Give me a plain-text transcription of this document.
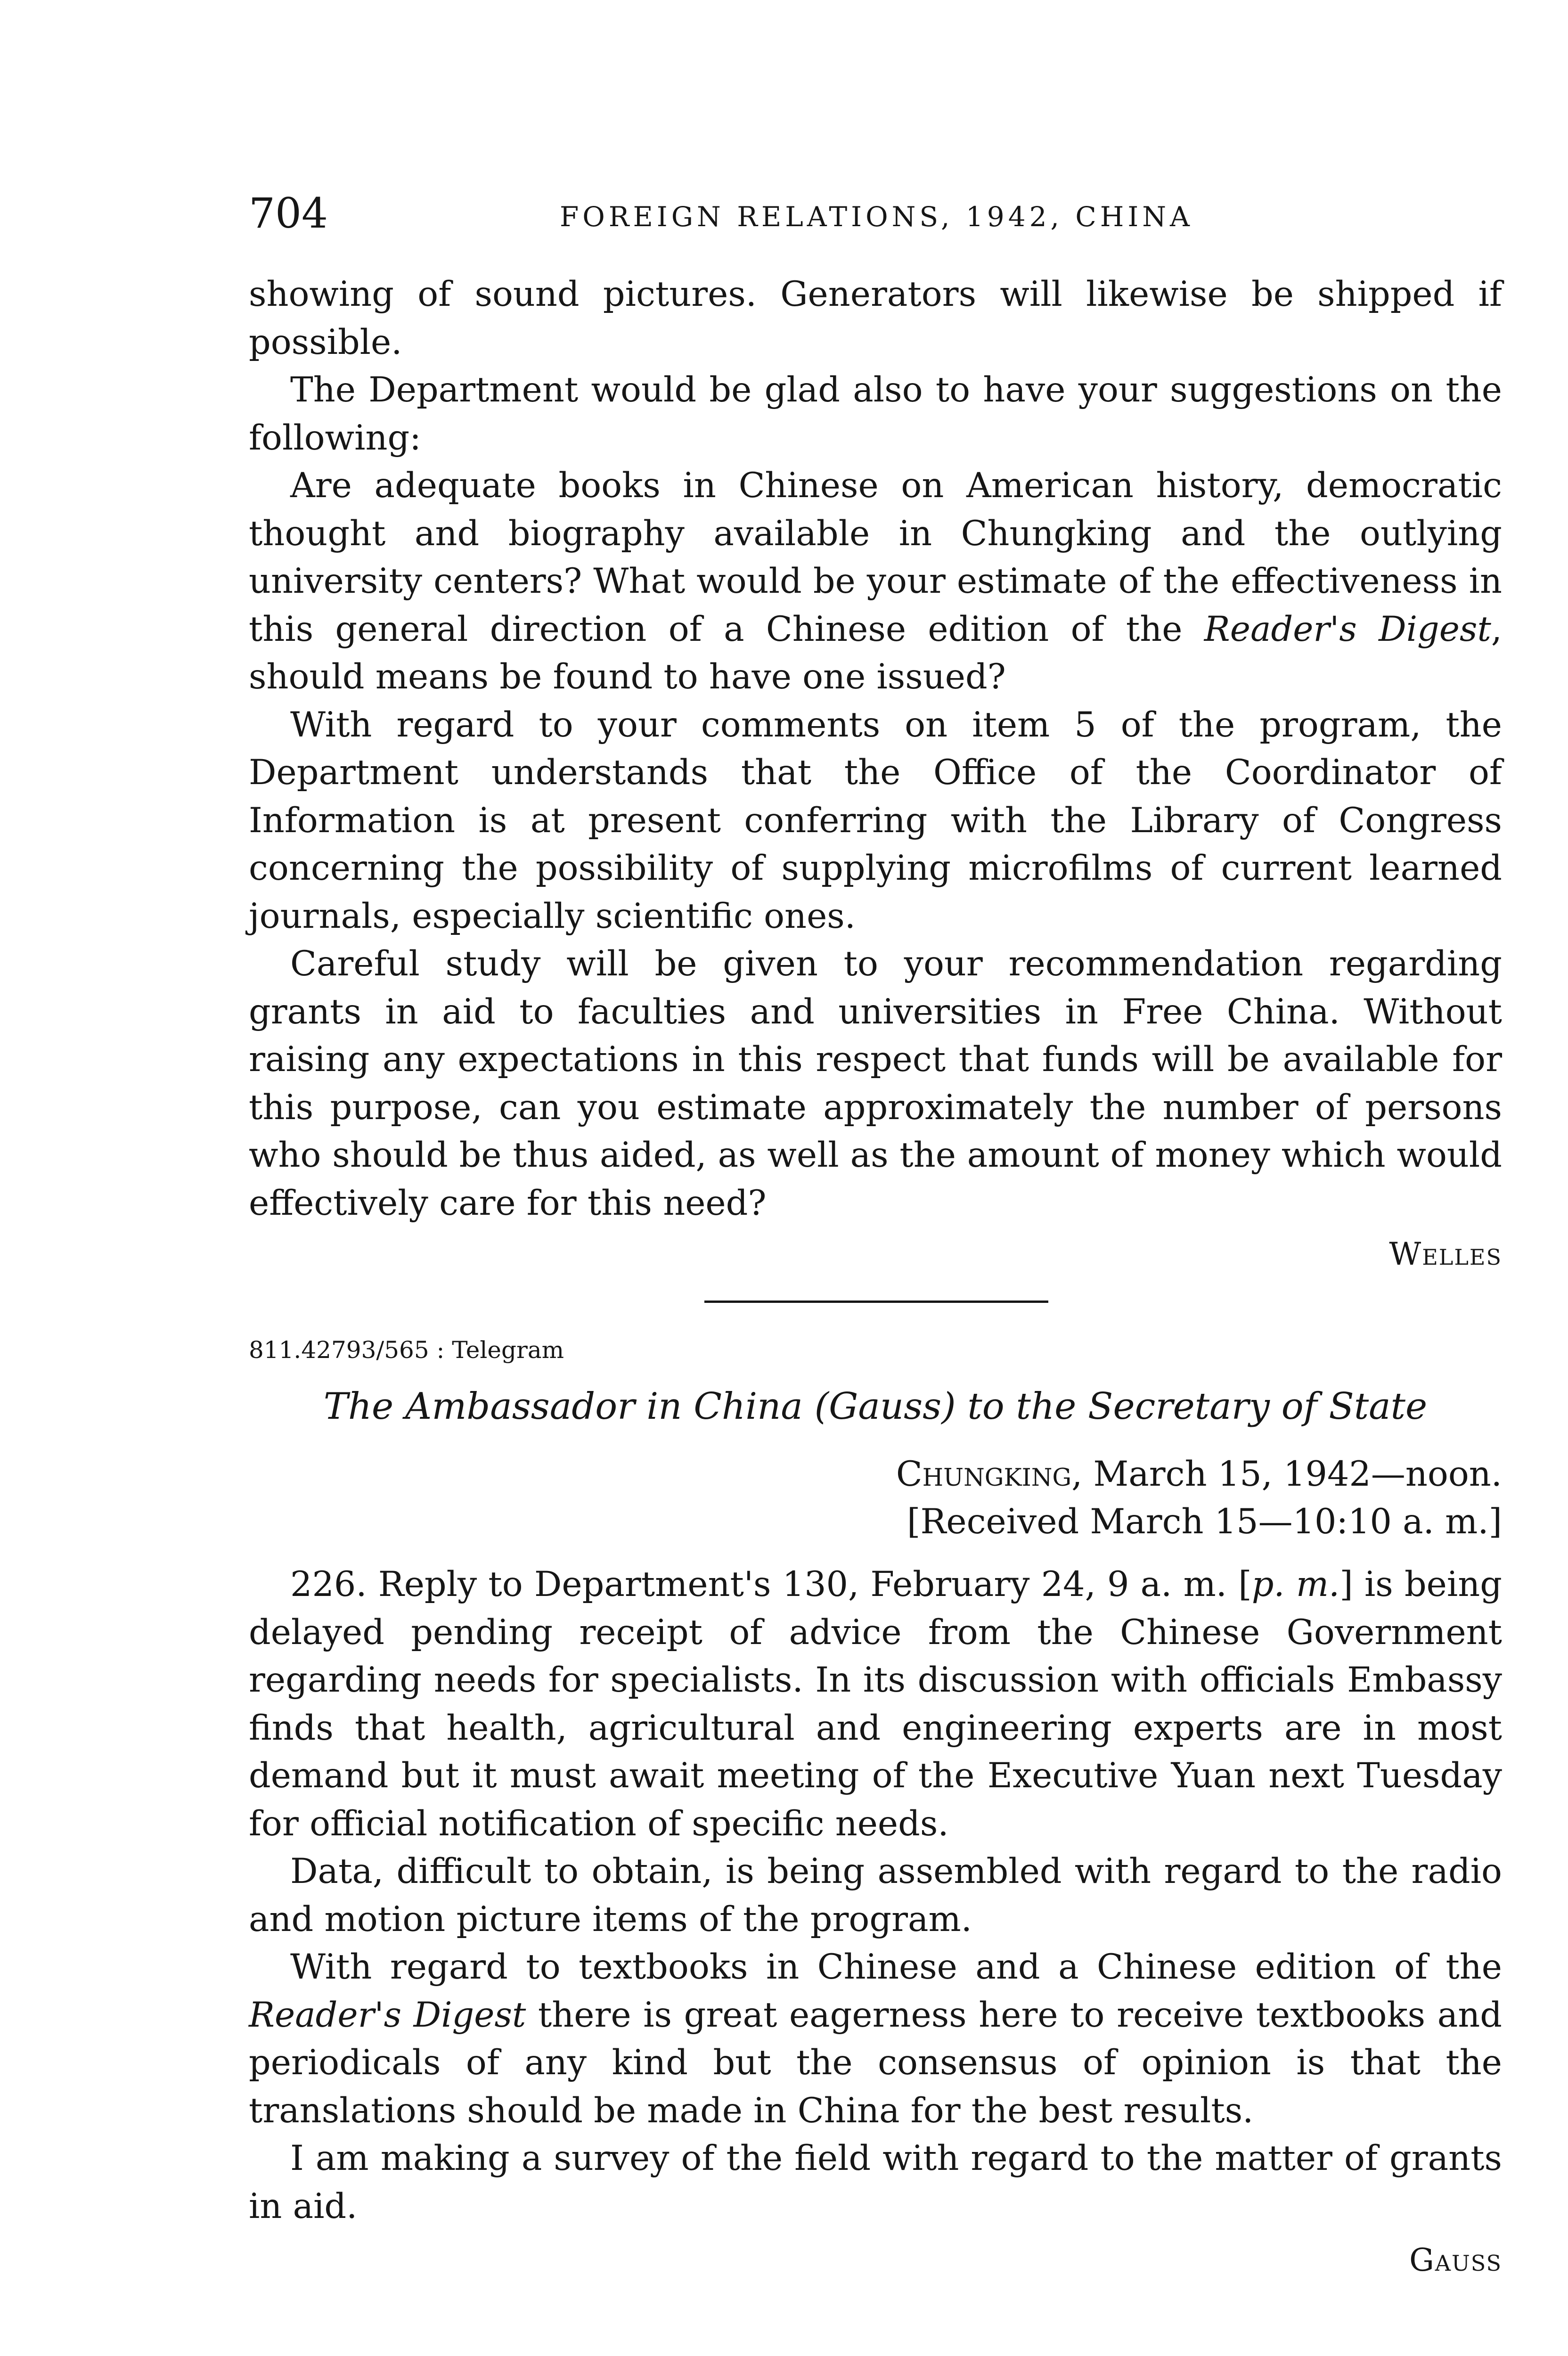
704	FOREIGN RELATIONS, 1942, CHINA

showing of sound pictures. Generators will likewise be shipped if possible.

The Department would be glad also to have your suggestions on the following:

Are adequate books in Chinese on American history, democratic thought and biography available in Chungking and the outlying university centers? What would be your estimate of the effectiveness in this general direction of a Chinese edition of the Reader's Digest, should means be found to have one issued?

With regard to your comments on item 5 of the program, the Department understands that the Office of the Coordinator of Information is at present conferring with the Library of Congress concerning the possibility of supplying microfilms of current learned journals, especially scientific ones.

Careful study will be given to your recommendation regarding grants in aid to faculties and universities in Free China. Without raising any expectations in this respect that funds will be available for this purpose, can you estimate approximately the number of persons who should be thus aided, as well as the amount of money which would effectively care for this need?

Welles

811.42793/565 : Telegram

The Ambassador in China (Gauss) to the Secretary of State

Chungking, March 15, 1942—noon.

[Received March 15—10:10 a. m.]

226. Reply to Department's 130, February 24, 9 a. m. [p. m.] is being delayed pending receipt of advice from the Chinese Government regarding needs for specialists. In its discussion with officials Embassy finds that health, agricultural and engineering experts are in most demand but it must await meeting of the Executive Yuan next Tuesday for official notification of specific needs.

Data, difficult to obtain, is being assembled with regard to the radio and motion picture items of the program.

With regard to textbooks in Chinese and a Chinese edition of the Reader's Digest there is great eagerness here to receive textbooks and periodicals of any kind but the consensus of opinion is that the translations should be made in China for the best results.

I am making a survey of the field with regard to the matter of grants in aid.

Gauss
